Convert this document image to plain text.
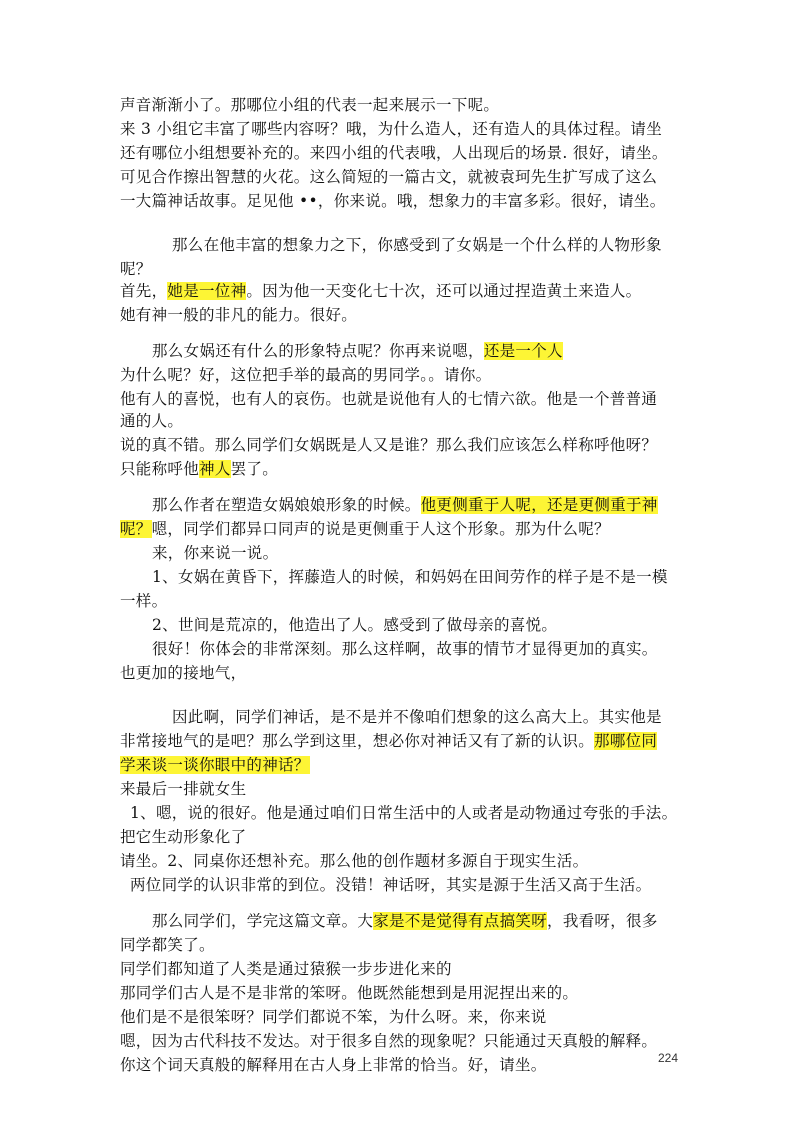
声音渐渐小了。那哪位小组的代表一起来展示一下呢。
来 3 小组它丰富了哪些内容呀？哦，为什么造人，还有造人的具体过程。请坐
还有哪位小组想要补充的。来四小组的代表哦，人出现后的场景. 很好，请坐。
可见合作擦出智慧的火花。这么简短的一篇古文，就被袁珂先生扩写成了这么
一大篇神话故事。足见他 ••，你来说。哦，想象力的丰富多彩。很好，请坐。
那么在他丰富的想象力之下，你感受到了女娲是一个什么样的人物形象
呢？
首先，她是一位神。因为他一天变化七十次，还可以通过捏造黄土来造人。
她有神一般的非凡的能力。很好。
那么女娲还有什么的形象特点呢？你再来说嗯，还是一个人
为什么呢？好，这位把手举的最高的男同学。。请你。
他有人的喜悦，也有人的哀伤。也就是说他有人的七情六欲。他是一个普普通
通的人。
说的真不错。那么同学们女娲既是人又是谁？那么我们应该怎么样称呼他呀？
只能称呼他神人罢了。
那么作者在塑造女娲娘娘形象的时候。他更侧重于人呢，还是更侧重于神
呢？嗯，同学们都异口同声的说是更侧重于人这个形象。那为什么呢？
来，你来说一说。
1、女娲在黄昏下，挥藤造人的时候，和妈妈在田间劳作的样子是不是一模
一样。
2、世间是荒凉的，他造出了人。感受到了做母亲的喜悦。
很好！你体会的非常深刻。那么这样啊，故事的情节才显得更加的真实。
也更加的接地气，
因此啊，同学们神话，是不是并不像咱们想象的这么高大上。其实他是
非常接地气的是吧？那么学到这里，想必你对神话又有了新的认识。那哪位同
学来谈一谈你眼中的神话？
来最后一排就女生
1、嗯，说的很好。他是通过咱们日常生活中的人或者是动物通过夸张的手法。
把它生动形象化了
请坐。2、同桌你还想补充。那么他的创作题材多源自于现实生活。
两位同学的认识非常的到位。没错！神话呀，其实是源于生活又高于生活。
那么同学们，学完这篇文章。大家是不是觉得有点搞笑呀，我看呀，很多
同学都笑了。
同学们都知道了人类是通过猿猴一步步进化来的
那同学们古人是不是非常的笨呀。他既然能想到是用泥捏出来的。
他们是不是很笨呀？同学们都说不笨，为什么呀。来，你来说
嗯，因为古代科技不发达。对于很多自然的现象呢？只能通过天真般的解释。
你这个词天真般的解释用在古人身上非常的恰当。好，请坐。	224
